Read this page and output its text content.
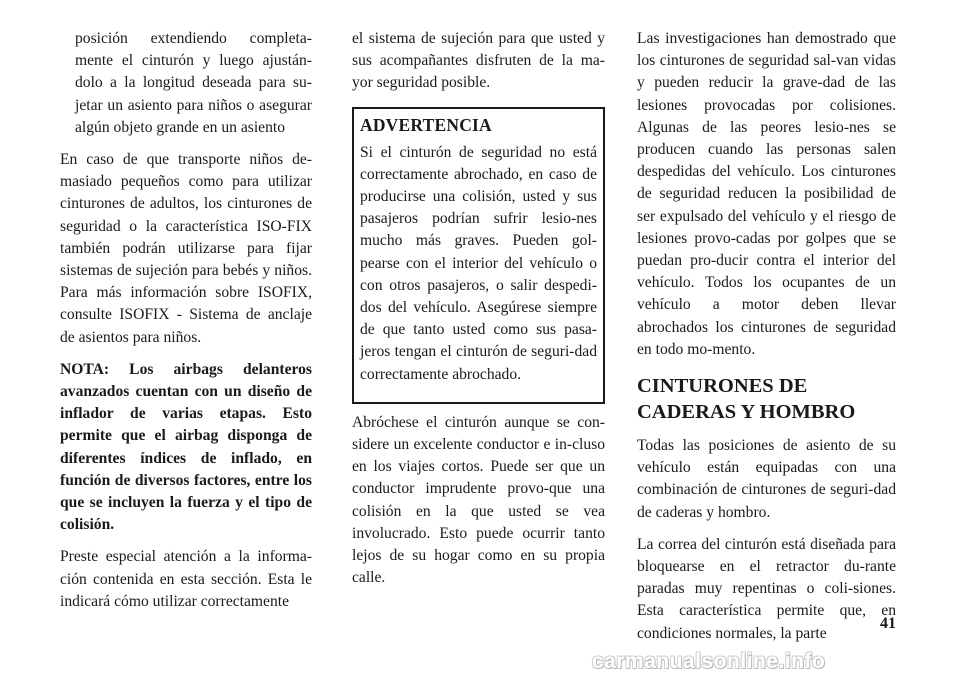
posición extendiendo completa-mente el cinturón y luego ajustán-dolo a la longitud deseada para su-jetar un asiento para niños o asegurar algún objeto grande en un asiento

En caso de que transporte niños de-masiado pequeños como para utilizar cinturones de adultos, los cinturones de seguridad o la característica ISO-FIX también podrán utilizarse para fijar sistemas de sujeción para bebés y niños. Para más información sobre ISOFIX, consulte ISOFIX - Sistema de anclaje de asientos para niños.

NOTA: Los airbags delanteros avanzados cuentan con un diseño de inflador de varias etapas. Esto permite que el airbag disponga de diferentes índices de inflado, en función de diversos factores, entre los que se incluyen la fuerza y el tipo de colisión.

Preste especial atención a la informa-ción contenida en esta sección. Esta le indicará cómo utilizar correctamente

el sistema de sujeción para que usted y sus acompañantes disfruten de la ma-yor seguridad posible.

ADVERTENCIA

Si el cinturón de seguridad no está correctamente abrochado, en caso de producirse una colisión, usted y sus pasajeros podrían sufrir lesio-nes mucho más graves. Pueden gol-pearse con el interior del vehículo o con otros pasajeros, o salir despedi-dos del vehículo. Asegúrese siempre de que tanto usted como sus pasa-jeros tengan el cinturón de seguri-dad correctamente abrochado.

Abróchese el cinturón aunque se con-sidere un excelente conductor e in-cluso en los viajes cortos. Puede ser que un conductor imprudente provo-que una colisión en la que usted se vea involucrado. Esto puede ocurrir tanto lejos de su hogar como en su propia calle.

Las investigaciones han demostrado que los cinturones de seguridad sal-van vidas y pueden reducir la grave-dad de las lesiones provocadas por colisiones. Algunas de las peores lesio-nes se producen cuando las personas salen despedidas del vehículo. Los cinturones de seguridad reducen la posibilidad de ser expulsado del vehículo y el riesgo de lesiones provo-cadas por golpes que se puedan pro-ducir contra el interior del vehículo. Todos los ocupantes de un vehículo a motor deben llevar abrochados los cinturones de seguridad en todo mo-mento.

CINTURONES DE CADERAS Y HOMBRO

Todas las posiciones de asiento de su vehículo están equipadas con una combinación de cinturones de seguri-dad de caderas y hombro.

La correa del cinturón está diseñada para bloquearse en el retractor du-rante paradas muy repentinas o coli-siones. Esta característica permite que, en condiciones normales, la parte

41
carmanualsonline.info
